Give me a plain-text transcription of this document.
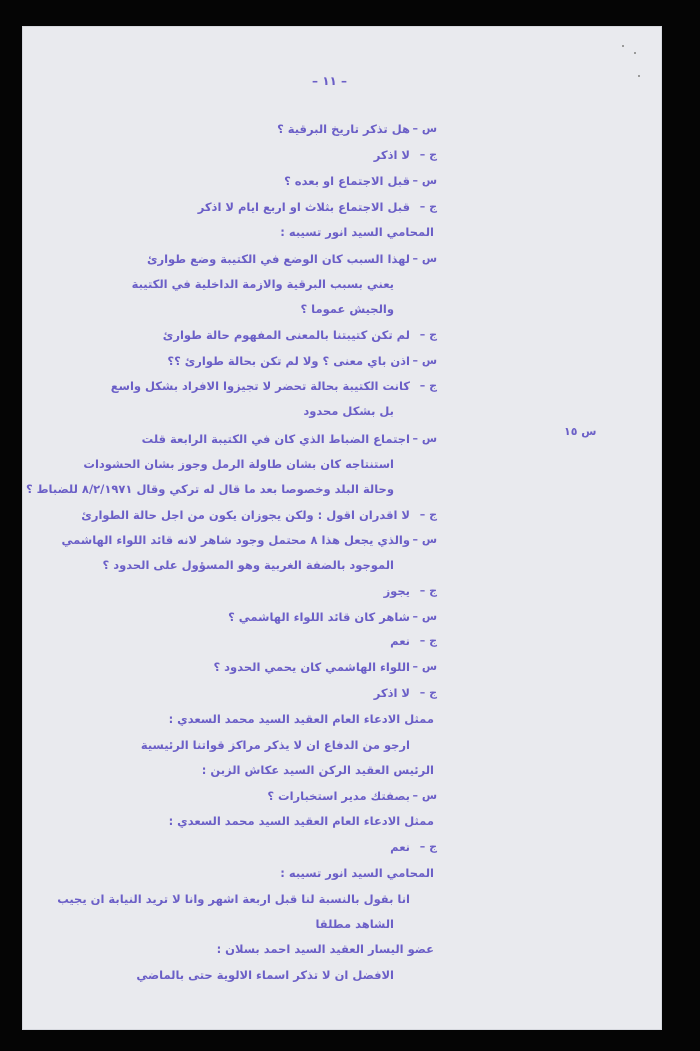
– ١١ –
س ١٥
س –
هل تذكر تاريخ البرقية ؟
ج –
لا اذكر
س –
قبل الاجتماع او بعده ؟
ج –
قبل الاجتماع بثلاث او اربع ايام لا اذكر
المحامي السيد انور تسيبه :
س –
لهذا السبب كان الوضع في الكتيبة وضع طوارئ
يعني بسبب البرقية والازمة الداخلية في الكتيبة
والجيش عموما ؟
ج –
لم تكن كتيبتنا بالمعنى المفهوم حالة طوارئ
س –
اذن باي معنى ؟ ولا لم تكن بحالة طوارئ ؟؟
ج –
كانت الكتيبة بحالة تحضر لا تجيزوا الافراد بشكل واسع
بل بشكل محدود
س –
اجتماع الضباط الذي كان في الكتيبة الرابعة قلت
استنتاجه كان بشان طاولة الرمل وجوز بشان الحشودات
وحالة البلد وخصوصا بعد ما قال له تركي وقال ٨/٢/١٩٧١ للضباط ؟
ج –
لا اقدران اقول : ولكن يجوزان يكون من اجل حالة الطوارئ
س –
والذي يجعل هذا ٨ محتمل وجود شاهر لانه قائد اللواء الهاشمي
الموجود بالضفة الغربية وهو المسؤول على الحدود ؟
ج –
يجوز
س –
شاهر كان قائد اللواء الهاشمي ؟
ج –
نعم
س –
اللواء الهاشمي كان يحمي الحدود ؟
ج –
لا اذكر
ممثل الادعاء العام العقيد السيد محمد السعدي :
ارجو من الدفاع ان لا يذكر مراكز قواتنا الرئيسية
الرئيس العقيد الركن السيد عكاش الزبن :
س –
بصفتك مدير استخبارات ؟
ممثل الادعاء العام العقيد السيد محمد السعدي :
ج –
نعم
المحامي السيد انور تسيبه :
انا بقول بالنسبة لنا قبل اربعة اشهر وانا لا تريد النيابة ان يجيب
الشاهد مطلقا
عضو اليسار العقيد السيد احمد بسلان :
الافضل ان لا تذكر اسماء الالوية حتى بالماضي
